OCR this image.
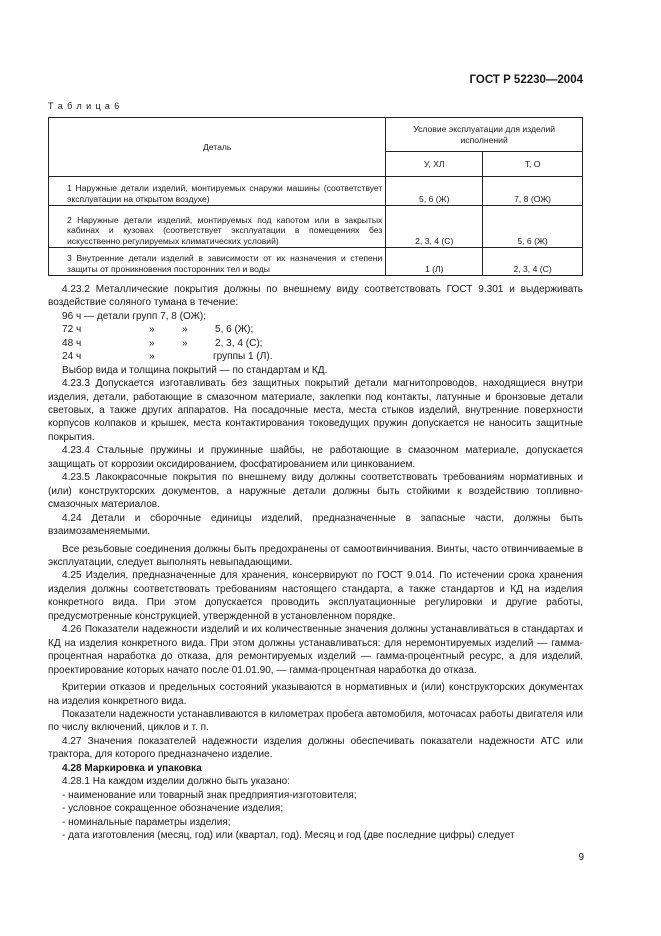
ГОСТ Р 52230—2004
Т а б л и ц а 6
Деталь	Условие эксплуатации для изделий исполнений	
	У, ХЛ	Т, О
1 Наружные детали изделий, монтируемых снаружи машины (соответствует эксплуатации на открытом воздухе)	5, 6 (Ж)	7, 8 (ОЖ)
2 Наружные детали изделий, монтируемых под капотом или в закрытых кабинах и кузовах (соответствует эксплуатации в помещениях без искусственно регулируемых климатических условий)	2, 3, 4 (С)	5, 6 (Ж)
3 Внутренние детали изделий в зависимости от их назначения и степени защиты от проникновения посторонних тел и воды	1 (Л)	2, 3, 4 (С)

4.23.2 Металлические покрытия должны по внешнему виду соответствовать ГОСТ 9.301 и выдерживать воздействие соляного тумана в течение:

96 ч — детали групп 7, 8 (ОЖ);
72 ч	»	»	5, 6 (Ж);
48 ч	»	»	2, 3, 4 (С);
24 ч	»	группы 1 (Л).

Выбор вида и толщина покрытий — по стандартам и КД.

4.23.3 Допускается изготавливать без защитных покрытий детали магнитопроводов, находящиеся внутри изделия, детали, работающие в смазочном материале, заклепки под контакты, латунные и бронзовые детали световых, а также других аппаратов. На посадочные места, места стыков изделий, внутренние поверхности корпусов колпаков и крышек, места контактирования токоведущих пружин допускается не наносить защитные покрытия.

4.23.4 Стальные пружины и пружинные шайбы, не работающие в смазочном материале, допускается защищать от коррозии оксидированием, фосфатированием или цинкованием.

4.23.5 Лакокрасочные покрытия по внешнему виду должны соответствовать требованиям нормативных и (или) конструкторских документов, а наружные детали должны быть стойкими к воздействию топливно-смазочных материалов.

4.24 Детали и сборочные единицы изделий, предназначенные в запасные части, должны быть взаимозаменяемыми.

Все резьбовые соединения должны быть предохранены от самоотвинчивания. Винты, часто отвинчиваемые в эксплуатации, следует выполнять невыпадающими.

4.25 Изделия, предназначенные для хранения, консервируют по ГОСТ 9.014. По истечении срока хранения изделия должны соответствовать требованиям настоящего стандарта, а также стандартов и КД на изделия конкретного вида. При этом допускается проводить эксплуатационные регулировки и другие работы, предусмотренные конструкцией, утвержденной в установленном порядке.

4.26 Показатели надежности изделий и их количественные значения должны устанавливаться в стандартах и КД на изделия конкретного вида. При этом должны устанавливаться: для неремонтируемых изделий — гамма-процентная наработка до отказа, для ремонтируемых изделий — гамма-процентный ресурс, а для изделий, проектирование которых начато после 01.01.90, — гамма-процентная наработка до отказа.

Критерии отказов и предельных состояний указываются в нормативных и (или) конструкторских документах на изделия конкретного вида.

Показатели надежности устанавливаются в километрах пробега автомобиля, моточасах работы двигателя или по числу включений, циклов и т. п.

4.27 Значения показателей надежности изделия должны обеспечивать показатели надежности АТС или трактора, для которого предназначено изделие.

4.28 Маркировка и упаковка

4.28.1 На каждом изделии должно быть указано:

- наименование или товарный знак предприятия-изготовителя;

- условное сокращенное обозначение изделия;

- номинальные параметры изделия;

- дата изготовления (месяц, год) или (квартал, год). Месяц и год (две последние цифры) следует

9
